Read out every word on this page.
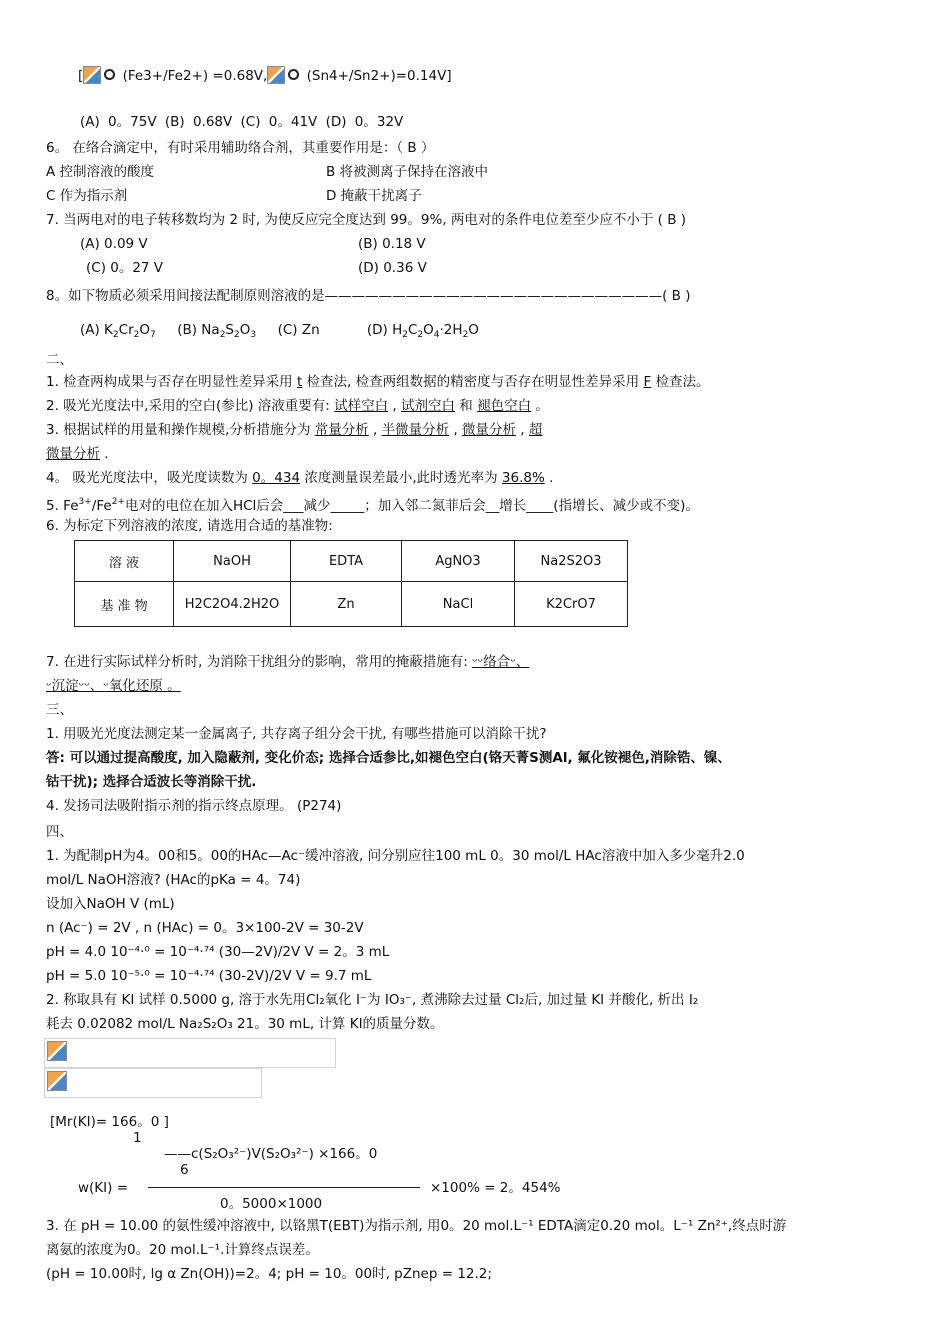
[	(Fe3+/Fe2+) =0.68V,	(Sn4+/Sn2+)=0.14V]
(A) 0。75V (B) 0.68V (C) 0。41V (D) 0。32V
6。 在络合滴定中，有时采用辅助络合剂，其重要作用是：（ B ）
A 控制溶液的酸度	B 将被测离子保持在溶液中
C 作为指示剂	D 掩蔽干扰离子
7. 当两电对的电子转移数均为 2 时, 为使反应完全度达到 99。9%, 两电对的条件电位差至少应不小于 ( B )
(A) 0.09 V	(B) 0.18 V
(C) 0。27 V	(D) 0.36 V
8。如下物质必须采用间接法配制原则溶液的是—————————————————————————( B )
(A) $K_2Cr_2O_7$ (B) $Na_2S_2O_3$ (C) Zn	(D) $H_2C_2O_4\cdot 2H_2O$
二、
1. 检查两构成果与否存在明显性差异采用 t 检查法, 检查两组数据的精密度与否存在明显性差异采用 F 检查法。
2. 吸光光度法中,采用的空白(参比) 溶液重要有: 试样空白 , 试剂空白 和 褪色空白 。
3. 根据试样的用量和操作规模,分析措施分为 常量分析 , 半微量分析 , 微量分析 , 超
微量分析 .
4。 吸光光度法中，吸光度读数为 0。434 浓度测量误差最小,此时透光率为 36.8% .
5. $Fe^{3+}/Fe^{2+}$电对的电位在加入HCl后会___减少_____；加入邻二氮菲后会__增长____(指增长、减少或不变)。
6. 为标定下列溶液的浓度, 请选用合适的基准物:
溶 液	NaOH	EDTA	AgNO3	Na2S2O3
基 准 物	H2C2O4.2H2O	Zn	NaCl	K2CrO7
7. 在进行实际试样分析时, 为消除干扰组分的影响，常用的掩蔽措施有: ᵕᵕ络合ᵕ、
ᵕ沉淀ᵕᵕ、ᵕ氧化还原 。
三、
1. 用吸光光度法测定某一金属离子, 共存离子组分会干扰, 有哪些措施可以消除干扰?
答: 可以通过提高酸度, 加入隐蔽剂, 变化价态; 选择合适参比,如褪色空白(铬天菁S测Al, 氟化铵褪色,消除锆、镍、
钴干扰); 选择合适波长等消除干扰.
4. 发扬司法吸附指示剂的指示终点原理。 (P274)
四、
1. 为配制pH为4。00和5。00的HAc—Ac⁻缓冲溶液, 问分别应往100 mL 0。30 mol/L HAc溶液中加入多少毫升2.0
mol/L NaOH溶液? (HAc的pKa = 4。74)
设加入NaOH V (mL)
n (Ac⁻) = 2V , n (HAc) = 0。3×100-2V = 30-2V
pH = 4.0 10⁻⁴·⁰ = 10⁻⁴·⁷⁴ (30—2V)/2V V = 2。3 mL
pH = 5.0 10⁻⁵·⁰ = 10⁻⁴·⁷⁴ (30-2V)/2V V = 9.7 mL
2. 称取具有 KI 试样 0.5000 g, 溶于水先用Cl₂氧化 I⁻为 IO₃⁻, 煮沸除去过量 Cl₂后, 加过量 KI 并酸化, 析出 I₂
耗去 0.02082 mol/L Na₂S₂O₃ 21。30 mL, 计算 KI的质量分数。
[Mr(KI)= 166。0 ]
1
——c(S₂O₃²⁻)V(S₂O₃²⁻) ×166。0
6
w(KI) =	×100% = 2。454%
0。5000×1000
3. 在 pH = 10.00 的氨性缓冲溶液中, 以铬黑T(EBT)为指示剂, 用0。20 mol.L⁻¹ EDTA滴定0.20 mol。L⁻¹ Zn²⁺,终点时游
离氨的浓度为0。20 mol.L⁻¹.计算终点误差。
(pH = 10.00时, lg α Zn(OH))=2。4; pH = 10。00时, pZnep = 12.2;
